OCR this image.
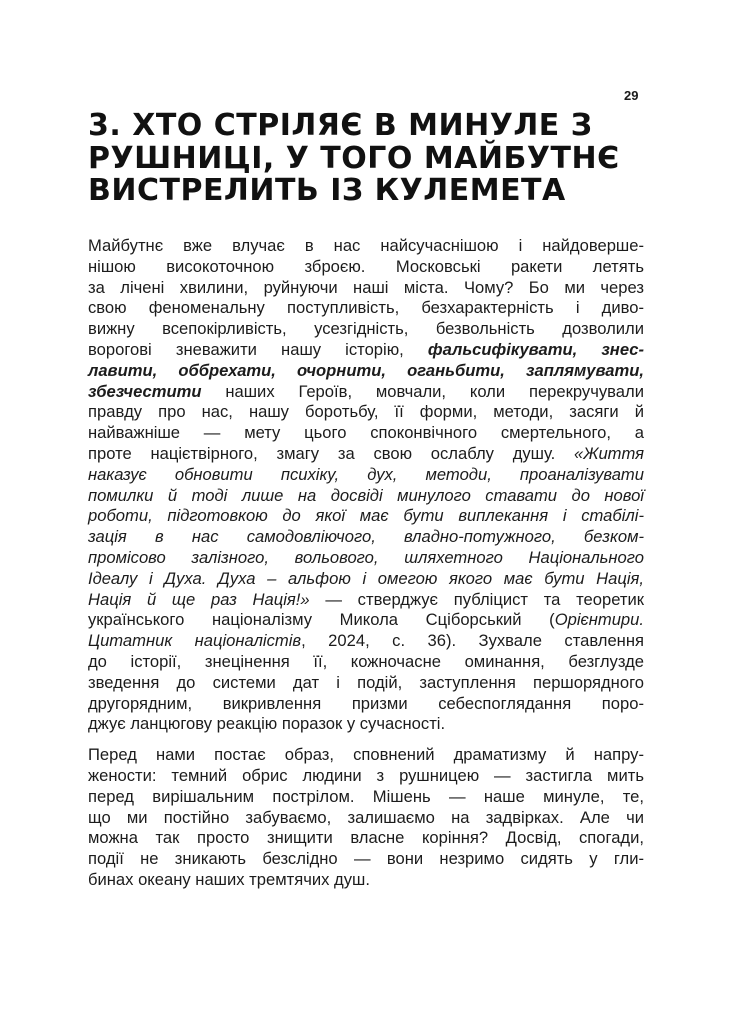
29
3. ХТО СТРІЛЯЄ В МИНУЛЕ З
РУШНИЦІ, У ТОГО МАЙБУТНЄ
ВИСТРЕЛИТЬ ІЗ КУЛЕМЕТА

Майбутнє вже влучає в нас найсучаснішою і найдоверше-
нішою високоточною зброєю. Московські ракети летять
за лічені хвилини, руйнуючи наші міста. Чому? Бо ми через
свою феноменальну поступливість, безхарактерність і диво-
вижну всепокірливість, усезгідність, безвольність дозволили
ворогові зневажити нашу історію, фальсифікувати, знес-
лавити, оббрехати, очорнити, оганьбити, заплямувати,
збезчестити наших Героїв, мовчали, коли перекручували
правду про нас, нашу боротьбу, її форми, методи, засяги й
найважніше — мету цього споконвічного смертельного, а
проте націєтвірного, змагу за свою ослаблу душу. «Життя
наказує обновити психіку, дух, методи, проаналізувати
помилки й тоді лише на досвіді минулого ставати до нової
роботи, підготовкою до якої має бути виплекання і стабілі-
зація в нас самодовліючого, владно-потужного, безком-
промісово залізного, вольового, шляхетного Національного
Ідеалу і Духа. Духа – альфою і омегою якого має бути Нація,
Нація й ще раз Нація!» — стверджує публіцист та теоретик
українського націоналізму Микола Сціборський (Орієнтири.
Цитатник націоналістів, 2024, с. 36). Зухвале ставлення
до історії, знецінення її, кожночасне оминання, безглузде
зведення до системи дат і подій, заступлення першорядного
другорядним, викривлення призми себеспоглядання поро-
джує ланцюгову реакцію поразок у сучасності.

Перед нами постає образ, сповнений драматизму й напру-
жености: темний обрис людини з рушницею — застигла мить
перед вирішальним пострілом. Мішень — наше минуле, те,
що ми постійно забуваємо, залишаємо на задвірках. Але чи
можна так просто знищити власне коріння? Досвід, спогади,
події не зникають безслідно — вони незримо сидять у гли-
бинах океану наших тремтячих душ.
